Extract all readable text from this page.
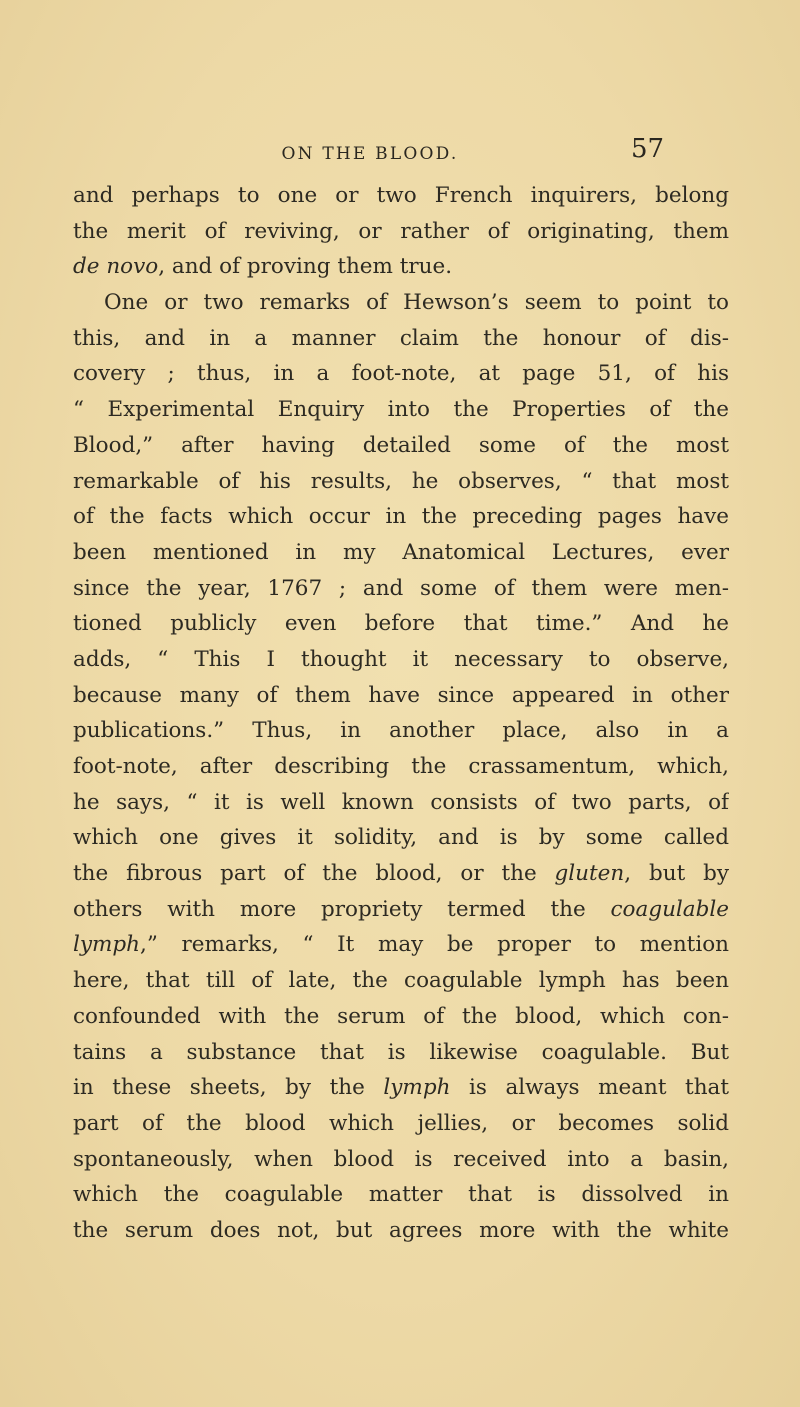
ON THE BLOOD.	57
and perhaps to one or two French inquirers, belong
the merit of reviving, or rather of originating, them
de novo, and of proving them true.
One or two remarks of Hewson’s seem to point to
this, and in a manner claim the honour of dis-
covery ; thus, in a foot-note, at page 51, of his
“ Experimental Enquiry into the Properties of the
Blood,” after having detailed some of the most
remarkable of his results, he observes, “ that most
of the facts which occur in the preceding pages have
been mentioned in my Anatomical Lectures, ever
since the year, 1767 ; and some of them were men-
tioned publicly even before that time.” And he
adds, “ This I thought it necessary to observe,
because many of them have since appeared in other
publications.” Thus, in another place, also in a
foot-note, after describing the crassamentum, which,
he says, “ it is well known consists of two parts, of
which one gives it solidity, and is by some called
the fibrous part of the blood, or the gluten, but by
others with more propriety termed the coagulable
lymph,” remarks, “ It may be proper to mention
here, that till of late, the coagulable lymph has been
confounded with the serum of the blood, which con-
tains a substance that is likewise coagulable. But
in these sheets, by the lymph is always meant that
part of the blood which jellies, or becomes solid
spontaneously, when blood is received into a basin,
which the coagulable matter that is dissolved in
the serum does not, but agrees more with the white
